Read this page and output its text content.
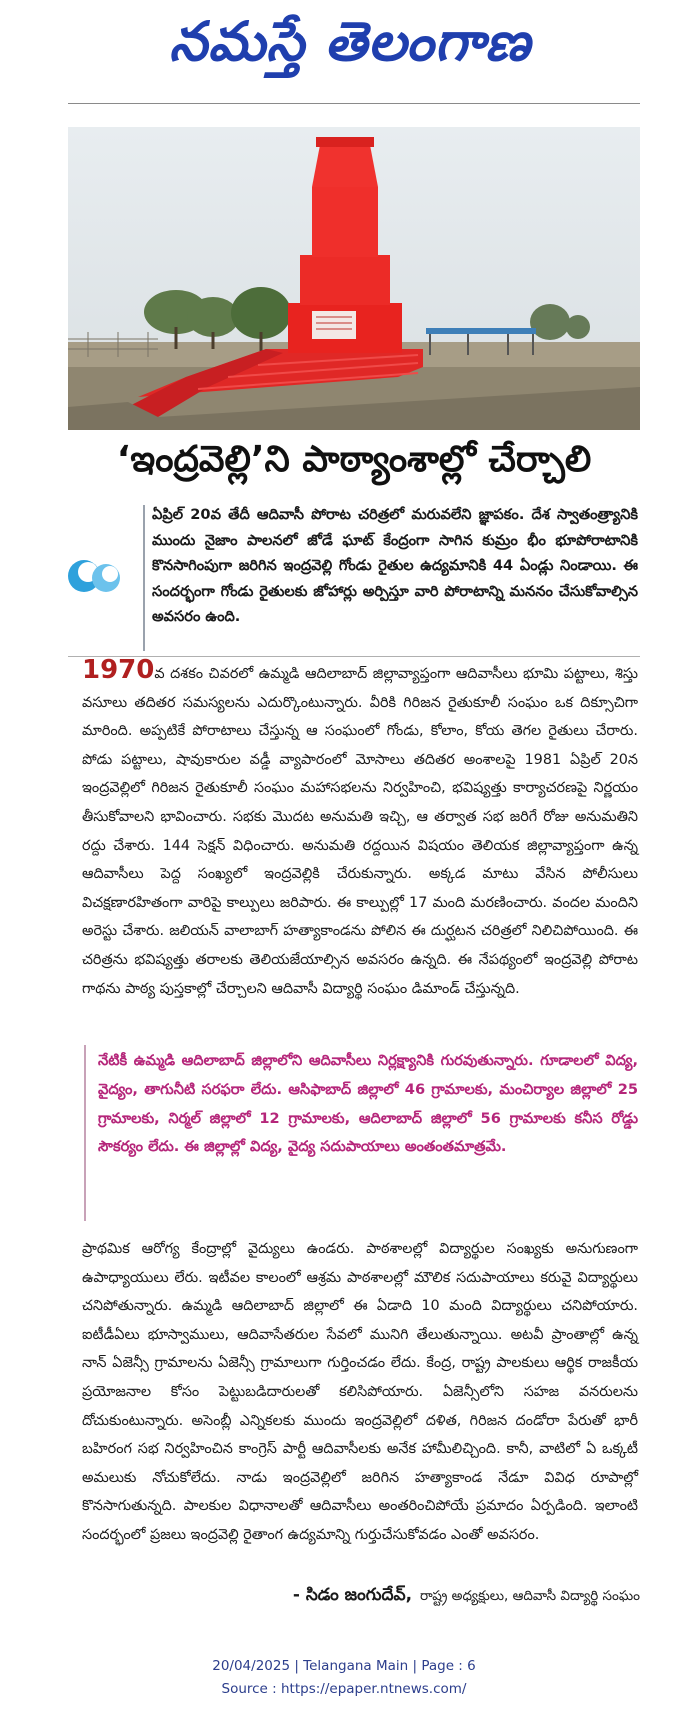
నమస్తే తెలంగాణ
‘ఇంద్రవెల్లి’ని పాఠ్యాంశాల్లో చేర్చాలి
ఏప్రిల్ 20వ తేదీ ఆదివాసీ పోరాట చరిత్రలో మరువలేని జ్ఞాపకం. దేశ స్వాతంత్ర్యానికి ముందు నైజాం పాలనలో జోడే ఘాట్ కేంద్రంగా సాగిన కుమ్రం భీం భూపోరాటానికి కొనసాగింపుగా జరిగిన ఇంద్రవెల్లి గోండు రైతుల ఉద్యమానికి 44 ఏండ్లు నిండాయి. ఈ సందర్భంగా గోండు రైతులకు జోహార్లు అర్పిస్తూ వారి పోరాటాన్ని మననం చేసుకోవాల్సిన అవసరం ఉంది.
1970వ దశకం చివరలో ఉమ్మడి ఆదిలాబాద్ జిల్లావ్యాప్తంగా ఆదివాసీలు భూమి పట్టాలు, శిస్తు వసూలు తదితర సమస్యలను ఎదుర్కొంటున్నారు. వీరికి గిరిజన రైతుకూలీ సంఘం ఒక దిక్సూచిగా మారింది. అప్పటికే పోరాటాలు చేస్తున్న ఆ సంఘంలో గోండు, కోలాం, కోయ తెగల రైతులు చేరారు. పోడు పట్టాలు, షావుకారుల వడ్డీ వ్యాపారంలో మోసాలు తదితర అంశాలపై 1981 ఏప్రిల్ 20న ఇంద్రవెల్లిలో గిరిజన రైతుకూలీ సంఘం మహాసభలను నిర్వహించి, భవిష్యత్తు కార్యాచరణపై నిర్ణయం తీసుకోవాలని భావించారు. సభకు మొదట అనుమతి ఇచ్చి, ఆ తర్వాత సభ జరిగే రోజు అనుమతిని రద్దు చేశారు. 144 సెక్షన్ విధించారు. అనుమతి రద్దయిన విషయం తెలియక జిల్లావ్యాప్తంగా ఉన్న ఆదివాసీలు పెద్ద సంఖ్యలో ఇంద్రవెల్లికి చేరుకున్నారు. అక్కడ మాటు వేసిన పోలీసులు విచక్షణారహితంగా వారిపై కాల్పులు జరిపారు. ఈ కాల్పుల్లో 17 మంది మరణించారు. వందల మందిని అరెస్టు చేశారు. జలియన్ వాలాబాగ్ హత్యాకాండను పోలిన ఈ దుర్ఘటన చరిత్రలో నిలిచిపోయింది. ఈ చరిత్రను భవిష్యత్తు తరాలకు తెలియజేయాల్సిన అవసరం ఉన్నది. ఈ నేపథ్యంలో ఇంద్రవెల్లి పోరాట గాథను పాఠ్య పుస్తకాల్లో చేర్చాలని ఆదివాసీ విద్యార్థి సంఘం డిమాండ్ చేస్తున్నది.
నేటికీ ఉమ్మడి ఆదిలాబాద్ జిల్లాలోని ఆదివాసీలు నిర్లక్ష్యానికి గురవుతున్నారు. గూడాలలో విద్య, వైద్యం, తాగునీటి సరఫరా లేదు. ఆసిఫాబాద్ జిల్లాలో 46 గ్రామాలకు, మంచిర్యాల జిల్లాలో 25 గ్రామాలకు, నిర్మల్ జిల్లాలో 12 గ్రామాలకు, ఆదిలాబాద్ జిల్లాలో 56 గ్రామాలకు కనీస రోడ్డు సౌకర్యం లేదు. ఈ జిల్లాల్లో విద్య, వైద్య సదుపాయాలు అంతంతమాత్రమే.
ప్రాథమిక ఆరోగ్య కేంద్రాల్లో వైద్యులు ఉండరు. పాఠశాలల్లో విద్యార్థుల సంఖ్యకు అనుగుణంగా ఉపాధ్యాయులు లేరు. ఇటీవల కాలంలో ఆశ్రమ పాఠశాలల్లో మౌలిక సదుపాయాలు కరువై విద్యార్థులు చనిపోతున్నారు. ఉమ్మడి ఆదిలాబాద్ జిల్లాలో ఈ ఏడాది 10 మంది విద్యార్థులు చనిపోయారు. ఐటీడీఏలు భూస్వాములు, ఆదివాసేతరుల సేవలో మునిగి తేలుతున్నాయి. అటవీ ప్రాంతాల్లో ఉన్న నాన్ ఏజెన్సీ గ్రామాలను ఏజెన్సీ గ్రామాలుగా గుర్తించడం లేదు. కేంద్ర, రాష్ట్ర పాలకులు ఆర్థిక రాజకీయ ప్రయోజనాల కోసం పెట్టుబడిదారులతో కలిసిపోయారు. ఏజెన్సీలోని సహజ వనరులను దోచుకుంటున్నారు. అసెంబ్లీ ఎన్నికలకు ముందు ఇంద్రవెల్లిలో దళిత, గిరిజన దండోరా పేరుతో భారీ బహిరంగ సభ నిర్వహించిన కాంగ్రెస్ పార్టీ ఆదివాసీలకు అనేక హామీలిచ్చింది. కానీ, వాటిలో ఏ ఒక్కటీ అమలుకు నోచుకోలేదు. నాడు ఇంద్రవెల్లిలో జరిగిన హత్యాకాండ నేడూ వివిధ రూపాల్లో కొనసాగుతున్నది. పాలకుల విధానాలతో ఆదివాసీలు అంతరించిపోయే ప్రమాదం ఏర్పడింది. ఇలాంటి సందర్భంలో ప్రజలు ఇంద్రవెల్లి రైతాంగ ఉద్యమాన్ని గుర్తుచేసుకోవడం ఎంతో అవసరం.
- సిడం జంగుదేవ్, రాష్ట్ర అధ్యక్షులు, ఆదివాసీ విద్యార్థి సంఘం
20/04/2025 | Telangana Main | Page : 6
Source : https://epaper.ntnews.com/
